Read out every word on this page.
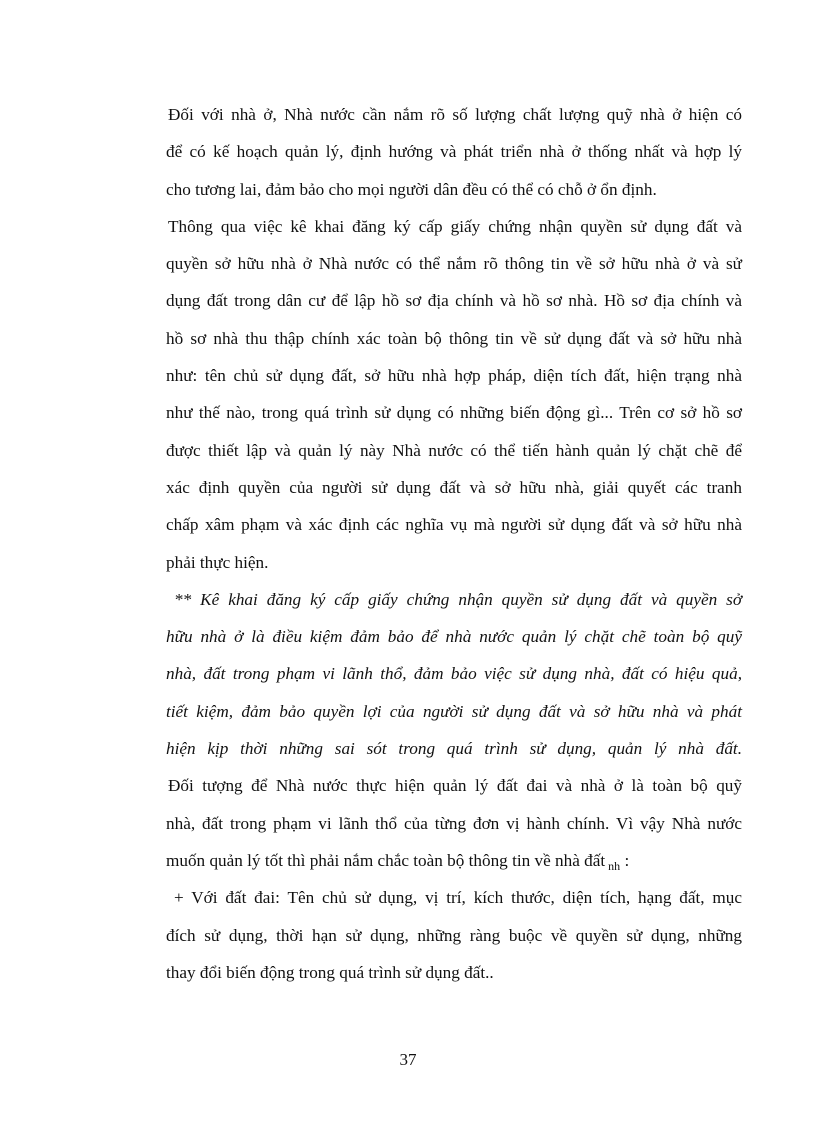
Đối với nhà ở, Nhà nước cần nắm rõ số lượng chất lượng quỹ nhà ở hiện có
để có kế hoạch quản lý, định hướng và phát triển nhà ở thống nhất và hợp lý
cho tương lai, đảm bảo cho mọi người dân đều có thể có chỗ ở ổn định.

Thông qua việc kê khai đăng ký cấp giấy chứng nhận quyền sử dụng đất và
quyền sở hữu nhà ở Nhà nước có thể nắm rõ thông tin về sở hữu nhà ở và sử
dụng đất trong dân cư để lập hồ sơ địa chính và hồ sơ nhà. Hồ sơ địa chính và
hồ sơ nhà thu thập chính xác toàn bộ thông tin về sử dụng đất và sở hữu nhà
như: tên chủ sử dụng đất, sở hữu nhà hợp pháp, diện tích đất, hiện trạng nhà
như thế nào, trong quá trình sử dụng có những biến động gì... Trên cơ sở hồ sơ
được thiết lập và quản lý này Nhà nước có thể tiến hành quản lý chặt chẽ để
xác định quyền của người sử dụng đất và sở hữu nhà, giải quyết các tranh
chấp xâm phạm và xác định các nghĩa vụ mà người sử dụng đất và sở hữu nhà
phải thực hiện.

** Kê khai đăng ký cấp giấy chứng nhận quyền sử dụng đất và quyền sở
hữu nhà ở là điều kiệm đảm bảo để nhà nước quản lý chặt chẽ toàn bộ quỹ
nhà, đất trong phạm vi lãnh thổ, đảm bảo việc sử dụng nhà, đất có hiệu quả,
tiết kiệm, đảm bảo quyền lợi của người sử dụng đất và sở hữu nhà và phát
hiện kịp thời những sai sót trong quá trình sử dụng, quản lý nhà đất.

Đối tượng để Nhà nước thực hiện quản lý đất đai và nhà ở là toàn bộ quỹ
nhà, đất trong phạm vi lãnh thổ của từng đơn vị hành chính. Vì vậy Nhà nước
muốn quản lý tốt thì phải nắm chắc toàn bộ thông tin về nhà đất $_{nh}$ :

+ Với đất đai: Tên chủ sử dụng, vị trí, kích thước, diện tích, hạng đất, mục
đích sử dụng, thời hạn sử dụng, những ràng buộc về quyền sử dụng, những
thay đổi biến động trong quá trình sử dụng đất..

37
